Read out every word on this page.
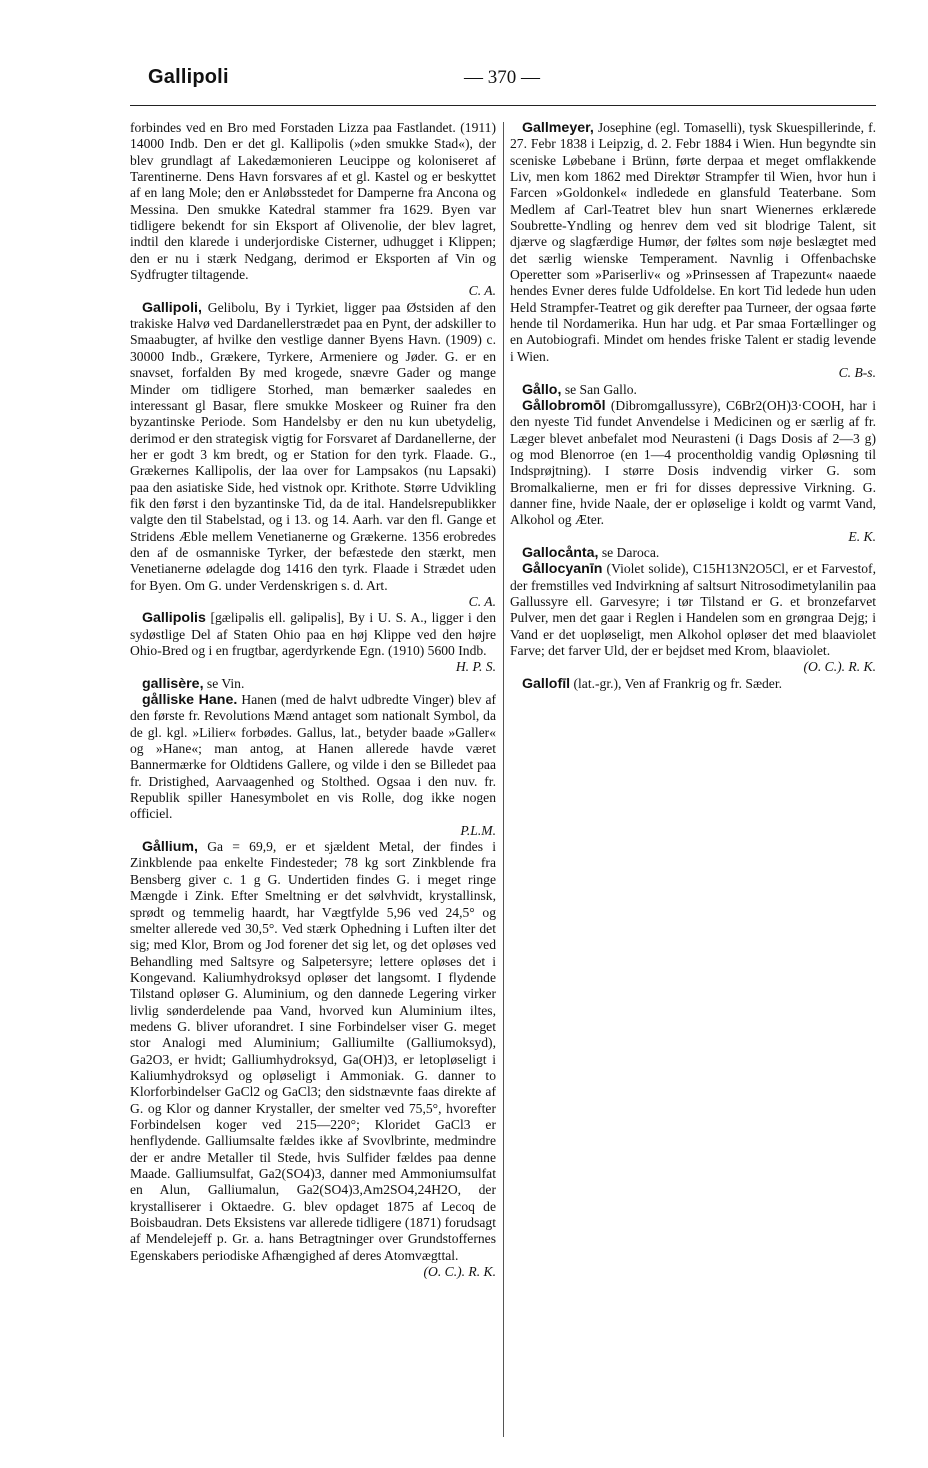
Gallipoli	— 370 —

forbindes ved en Bro med Forstaden Lizza paa Fastlandet. (1911) 14000 Indb. Den er det gl. Kallipolis (»den smukke Stad«), der blev grundlagt af Lakedæmonieren Leucippe og koloniseret af Tarentinerne. Dens Havn forsvares af et gl. Kastel og er beskyttet af en lang Mole; den er Anløbsstedet for Damperne fra Ancona og Messina. Den smukke Katedral stammer fra 1629. Byen var tidligere bekendt for sin Eksport af Olivenolie, der blev lagret, indtil den klarede i underjordiske Cisterner, udhugget i Klippen; den er nu i stærk Nedgang, derimod er Eksporten af Vin og Sydfrugter tiltagende.
C. A.

Gallipoli, Gelibolu, By i Tyrkiet, ligger paa Østsiden af den trakiske Halvø ved Dardanellerstrædet paa en Pynt, der adskiller to Smaabugter, af hvilke den vestlige danner Byens Havn. (1909) c. 30000 Indb., Grækere, Tyrkere, Armeniere og Jøder. G. er en snavset, forfalden By med krogede, snævre Gader og mange Minder om tidligere Storhed, man bemærker saaledes en interessant gl Basar, flere smukke Moskeer og Ruiner fra den byzantinske Periode. Som Handelsby er den nu kun ubetydelig, derimod er den strategisk vigtig for Forsvaret af Dardanellerne, der her er godt 3 km bredt, og er Station for den tyrk. Flaade. G., Grækernes Kallipolis, der laa over for Lampsakos (nu Lapsaki) paa den asiatiske Side, hed vistnok opr. Krithote. Større Udvikling fik den først i den byzantinske Tid, da de ital. Handelsrepublikker valgte den til Stabelstad, og i 13. og 14. Aarh. var den fl. Gange et Stridens Æble mellem Venetianerne og Grækerne. 1356 erobredes den af de osmanniske Tyrker, der befæstede den stærkt, men Venetianerne ødelagde dog 1416 den tyrk. Flaade i Strædet uden for Byen. Om G. under Verdenskrigen s. d. Art.
C. A.

Gallipolis [gælipəlis ell. gəlipəlis], By i U. S. A., ligger i den sydøstlige Del af Staten Ohio paa en høj Klippe ved den højre Ohio-Bred og i en frugtbar, agerdyrkende Egn. (1910) 5600 Indb.
H. P. S.

gallisère, se Vin.

gålliske Hane. Hanen (med de halvt udbredte Vinger) blev af den første fr. Revolutions Mænd antaget som nationalt Symbol, da de gl. kgl. »Lilier« forbødes. Gallus, lat., betyder baade »Galler« og »Hane«; man antog, at Hanen allerede havde været Bannermærke for Oldtidens Gallere, og vilde i den se Billedet paa fr. Dristighed, Aarvaagenhed og Stolthed. Ogsaa i den nuv. fr. Republik spiller Hanesymbolet en vis Rolle, dog ikke nogen officiel.
P.L.M.

Gållium, Ga = 69,9, er et sjældent Metal, der findes i Zinkblende paa enkelte Findesteder; 78 kg sort Zinkblende fra Bensberg giver c. 1 g G. Undertiden findes G. i meget ringe Mængde i Zink. Efter Smeltning er det sølvhvidt, krystallinsk, sprødt og temmelig haardt, har Vægtfylde 5,96 ved 24,5° og smelter allerede ved 30,5°. Ved stærk Ophedning i Luften ilter det sig; med Klor, Brom og Jod forener det sig let, og det opløses ved Behandling med Saltsyre og Salpetersyre; lettere opløses det i Kongevand. Kaliumhydroksyd opløser det langsomt. I flydende Tilstand opløser G. Aluminium, og den dannede Legering virker livlig sønderdelende paa Vand, hvorved kun Aluminium iltes, medens G. bliver uforandret. I sine Forbindelser viser G. meget stor Analogi med Aluminium; Galliumilte (Galliumoksyd), Ga2O3, er hvidt; Galliumhydroksyd, Ga(OH)3, er letopløseligt i Kaliumhydroksyd og opløseligt i Ammoniak. G. danner to Klorforbindelser GaCl2 og GaCl3; den sidstnævnte faas direkte af G. og Klor og danner Krystaller, der smelter ved 75,5°, hvorefter Forbindelsen koger ved 215—220°; Kloridet GaCl3 er henflydende. Galliumsalte fældes ikke af Svovlbrinte, medmindre der er andre Metaller til Stede, hvis Sulfider fældes paa denne Maade. Galliumsulfat, Ga2(SO4)3, danner med Ammoniumsulfat en Alun, Galliumalun, Ga2(SO4)3,Am2SO4,24H2O, der krystalliserer i Oktaedre. G. blev opdaget 1875 af Lecoq de Boisbaudran. Dets Eksistens var allerede tidligere (1871) forudsagt af Mendelejeff p. Gr. a. hans Betragtninger over Grundstoffernes Egenskabers periodiske Afhængighed af deres Atomvægttal.
(O. C.). R. K.

Gallmeyer, Josephine (egl. Tomaselli), tysk Skuespillerinde, f. 27. Febr 1838 i Leipzig, d. 2. Febr 1884 i Wien. Hun begyndte sin sceniske Løbebane i Brünn, førte derpaa et meget omflakkende Liv, men kom 1862 med Direktør Strampfer til Wien, hvor hun i Farcen »Goldonkel« indledede en glansfuld Teaterbane. Som Medlem af Carl-Teatret blev hun snart Wienernes erklærede Soubrette-Yndling og henrev dem ved sit blodrige Talent, sit djærve og slagfærdige Humør, der føltes som nøje beslægtet med det særlig wienske Temperament. Navnlig i Offenbachske Operetter som »Pariserliv« og »Prinsessen af Trapezunt« naaede hendes Evner deres fulde Udfoldelse. En kort Tid ledede hun uden Held Strampfer-Teatret og gik derefter paa Turneer, der ogsaa førte hende til Nordamerika. Hun har udg. et Par smaa Fortællinger og en Autobiografi. Mindet om hendes friske Talent er stadig levende i Wien.
C. B-s.

Gållo, se San Gallo.

Gållobromōl (Dibromgallussyre), C6Br2(OH)3·COOH, har i den nyeste Tid fundet Anvendelse i Medicinen og er særlig af fr. Læger blevet anbefalet mod Neurasteni (i Dags Dosis af 2—3 g) og mod Blenorroe (en 1—4 procentholdig vandig Opløsning til Indsprøjtning). I større Dosis indvendig virker G. som Bromalkalierne, men er fri for disses depressive Virkning. G. danner fine, hvide Naale, der er opløselige i koldt og varmt Vand, Alkohol og Æter.
E. K.

Gallocånta, se Daroca.

Gållocyanīn (Violet solide), C15H13N2O5Cl, er et Farvestof, der fremstilles ved Indvirkning af saltsurt Nitrosodimetylanilin paa Gallussyre ell. Garvesyre; i tør Tilstand er G. et bronzefarvet Pulver, men det gaar i Reglen i Handelen som en grøngraa Dejg; i Vand er det uopløseligt, men Alkohol opløser det med blaaviolet Farve; det farver Uld, der er bejdset med Krom, blaaviolet.
(O. C.). R. K.

Gallofīl (lat.-gr.), Ven af Frankrig og fr. Sæder.
